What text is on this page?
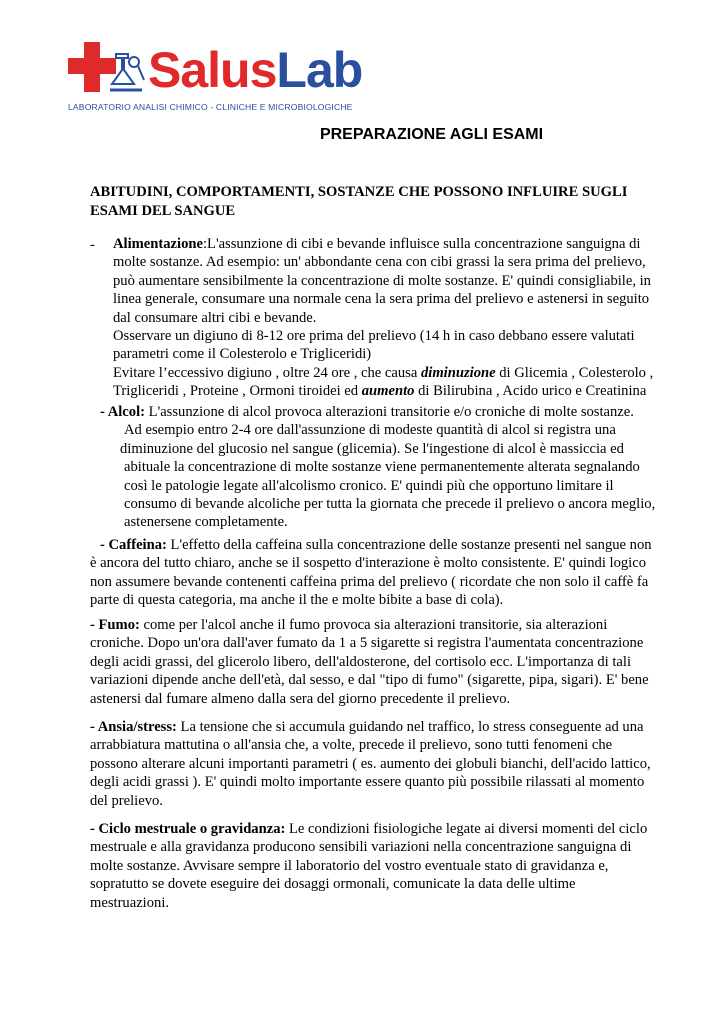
SalusLab
LABORATORIO ANALISI CHIMICO - CLINICHE E MICROBIOLOGICHE
PREPARAZIONE AGLI ESAMI
ABITUDINI, COMPORTAMENTI, SOSTANZE CHE POSSONO INFLUIRE SUGLI
ESAMI DEL SANGUE
- Alimentazione:L'assunzione di cibi e bevande influisce sulla concentrazione sanguigna di
molte sostanze. Ad esempio: un' abbondante cena con cibi grassi la sera prima del prelievo,
può aumentare sensibilmente la concentrazione di molte sostanze. E' quindi consigliabile, in
linea generale, consumare una normale cena la sera prima del prelievo e astenersi in seguito
dal consumare altri cibi e bevande.
Osservare un digiuno di 8-12 ore prima del prelievo (14 h in caso debbano essere valutati
parametri come il Colesterolo e Trigliceridi)
Evitare l’eccessivo digiuno , oltre 24 ore , che causa diminuzione di Glicemia , Colesterolo ,
Trigliceridi , Proteine , Ormoni tiroidei ed aumento di Bilirubina , Acido urico e Creatinina
- Alcol: L'assunzione di alcol provoca alterazioni transitorie e/o croniche di molte sostanze.
Ad esempio entro 2-4 ore dall'assunzione di modeste quantità di alcol si registra una
diminuzione del glucosio nel sangue (glicemia). Se l'ingestione di alcol è massiccia ed
abituale la concentrazione di molte sostanze viene permanentemente alterata segnalando
così le patologie legate all'alcolismo cronico. E' quindi più che opportuno limitare il
consumo di bevande alcoliche per tutta la giornata che precede il prelievo o ancora meglio,
astenersene completamente.
- Caffeina: L'effetto della caffeina sulla concentrazione delle sostanze presenti nel sangue non
è ancora del tutto chiaro, anche se il sospetto d'interazione è molto consistente. E' quindi logico
non assumere bevande contenenti caffeina prima del prelievo ( ricordate che non solo il caffè fa
parte di questa categoria, ma anche il the e molte bibite a base di cola).
- Fumo: come per l'alcol anche il fumo provoca sia alterazioni transitorie, sia alterazioni
croniche. Dopo un'ora dall'aver fumato da 1 a 5 sigarette si registra l'aumentata concentrazione
degli acidi grassi, del glicerolo libero, dell'aldosterone, del cortisolo ecc. L'importanza di tali
variazioni dipende anche dell'età, dal sesso, e dal "tipo di fumo" (sigarette, pipa, sigari). E' bene
astenersi dal fumare almeno dalla sera del giorno precedente il prelievo.
- Ansia/stress: La tensione che si accumula guidando nel traffico, lo stress conseguente ad una
arrabbiatura mattutina o all'ansia che, a volte, precede il prelievo, sono tutti fenomeni che
possono alterare alcuni importanti parametri ( es. aumento dei globuli bianchi, dell'acido lattico,
degli acidi grassi ). E' quindi molto importante essere quanto più possibile rilassati al momento
del prelievo.
- Ciclo mestruale o gravidanza: Le condizioni fisiologiche legate ai diversi momenti del ciclo
mestruale e alla gravidanza producono sensibili variazioni nella concentrazione sanguigna di
molte sostanze. Avvisare sempre il laboratorio del vostro eventuale stato di gravidanza e,
sopratutto se dovete eseguire dei dosaggi ormonali, comunicate la data delle ultime
mestruazioni.
